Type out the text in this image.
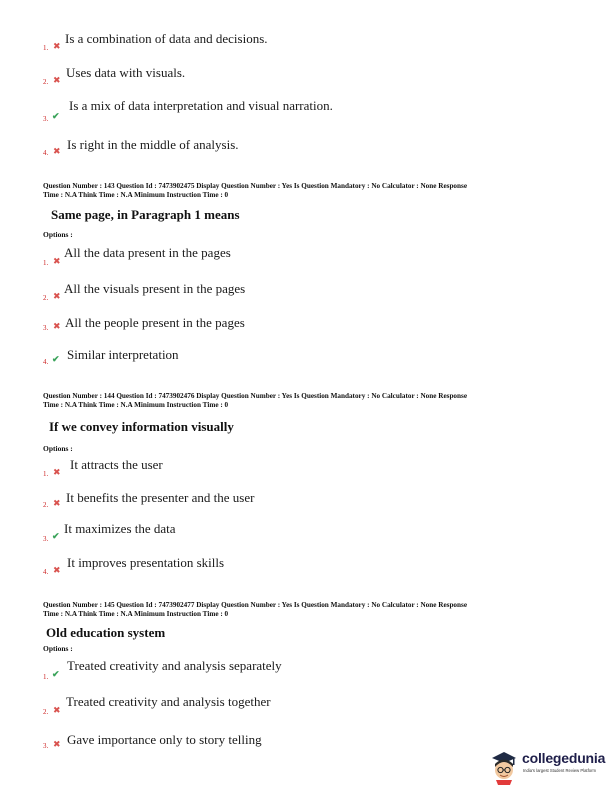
1. ✖ Is a combination of data and decisions.
2. ✖ Uses data with visuals.
3. ✔
Is a mix of data interpretation and visual narration.
4. ✖ Is right in the middle of analysis.
Question Number : 143 Question Id : 7473902475 Display Question Number : Yes Is Question Mandatory : No Calculator : None Response
Time : N.A Think Time : N.A Minimum Instruction Time : 0
Same page, in Paragraph 1 means
Options :
1. ✖
All the data present in the pages
2. ✖ All the visuals present in the pages
3. ✖ All the people present in the pages
4. ✔ Similar interpretation
Question Number : 144 Question Id : 7473902476 Display Question Number : Yes Is Question Mandatory : No Calculator : None Response
Time : N.A Think Time : N.A Minimum Instruction Time : 0
If we convey information visually
Options :
1. ✖ It attracts the user
2. ✖ It benefits the presenter and the user
3. ✔ It maximizes the data
4. ✖ It improves presentation skills
Question Number : 145 Question Id : 7473902477 Display Question Number : Yes Is Question Mandatory : No Calculator : None Response
Time : N.A Think Time : N.A Minimum Instruction Time : 0
Old education system
Options :
1. ✔
Treated creativity and analysis separately
2. ✖
Treated creativity and analysis together
3. ✖ Gave importance only to story telling
collegedunia
India's largest Student Review Platform
